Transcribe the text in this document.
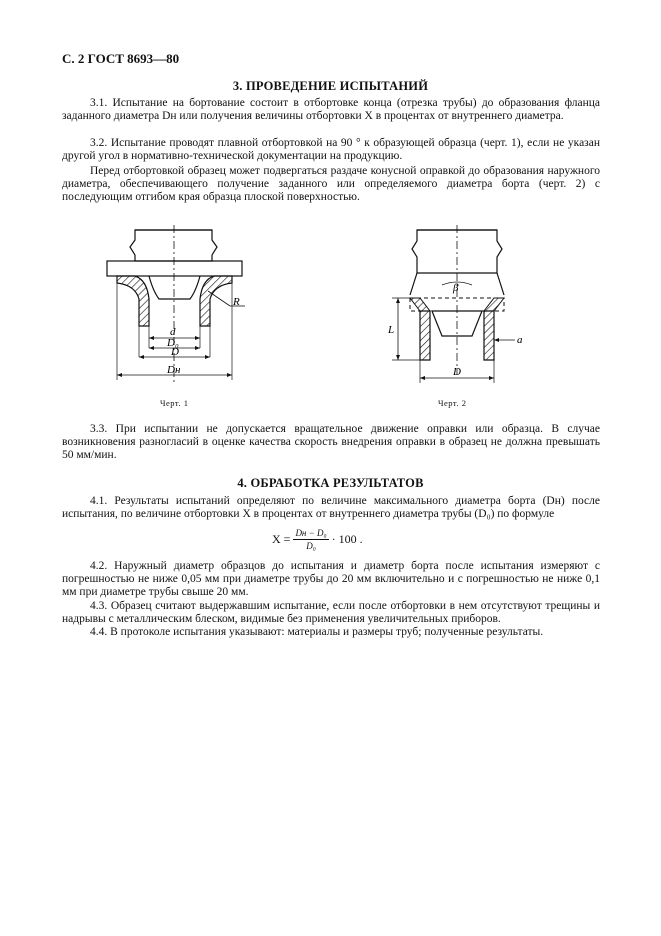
С. 2 ГОСТ 8693—80
3. ПРОВЕДЕНИЕ ИСПЫТАНИЙ

3.1. Испытание на бортование состоит в отбортовке конца (отрезка трубы) до образования фланца заданного диаметра Dн или получения величины отбортовки X в процентах от внутреннего диаметра.

3.2. Испытание проводят плавной отбортовкой на 90 ° к образующей образца (черт. 1), если не указан другой угол в нормативно-технической документации на продукцию.

Перед отбортовкой образец может подвергаться раздаче конусной оправкой до образования наружного диаметра, обеспечивающего получение заданного или определяемого диаметра борта (черт. 2) с последующим отгибом края образца плоской поверхностью.

R
d
D₀
D
Dн
Черт. 1
β
L
a
D
Черт. 2

3.3. При испытании не допускается вращательное движение оправки или образца. В случае возникновения разногласий в оценке качества скорость внедрения оправки в образец не должна превышать 50 мм/мин.

4. ОБРАБОТКА РЕЗУЛЬТАТОВ

4.1. Результаты испытаний определяют по величине максимального диаметра борта (Dн) после испытания, по величине отбортовки X в процентах от внутреннего диаметра трубы (D₀) по формуле

$X = \frac{\text{Dн − D₀}}{\text{D₀}} \cdot 100$ .

4.2. Наружный диаметр образцов до испытания и диаметр борта после испытания измеряют с погрешностью не ниже 0,05 мм при диаметре трубы до 20 мм включительно и с погрешностью не ниже 0,1 мм при диаметре трубы свыше 20 мм.

4.3. Образец считают выдержавшим испытание, если после отбортовки в нем отсутствуют трещины и надрывы с металлическим блеском, видимые без применения увеличительных приборов.

4.4. В протоколе испытания указывают: материалы и размеры труб; полученные результаты.
